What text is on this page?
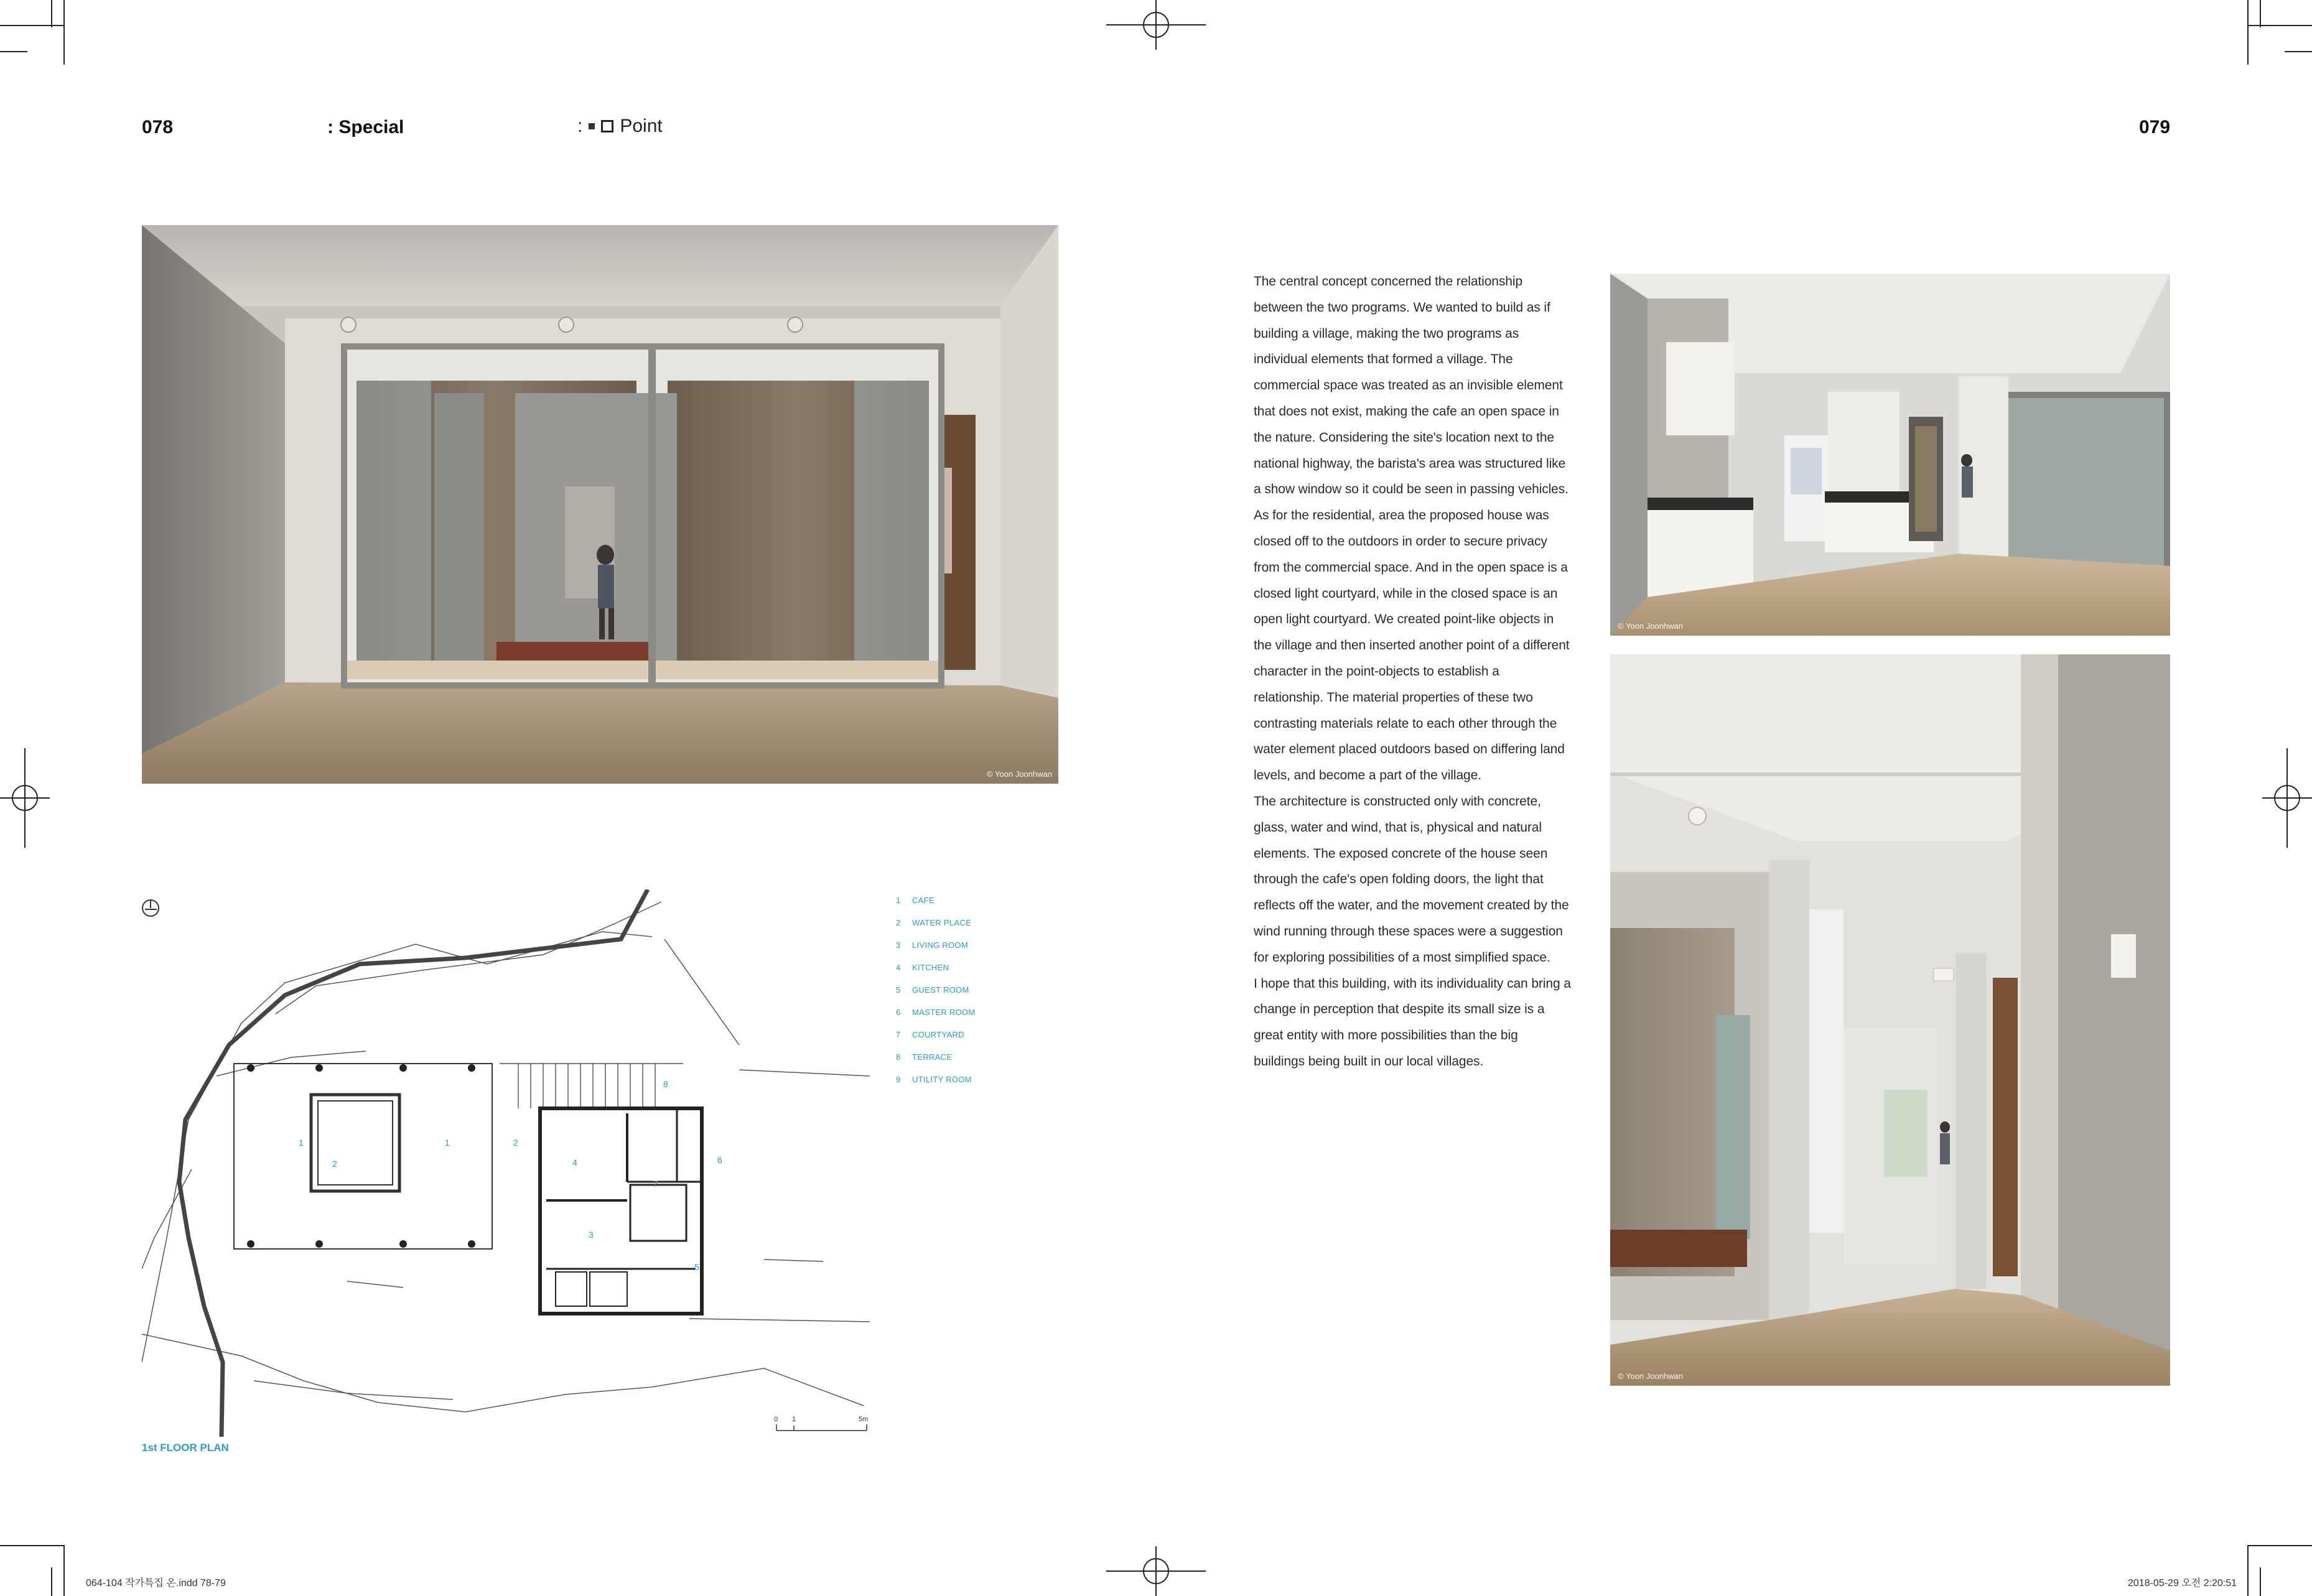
078	: Special	: Point	079
© Yoon Joonhwan
1
2
1	2
4
7
6
3
5
8
0 1	5m
1	CAFE
2	WATER PLACE
3	LIVING ROOM
4	KITCHEN
5	GUEST ROOM
6	MASTER ROOM
7	COURTYARD
8	TERRACE
9	UTILITY ROOM
1st FLOOR PLAN

The central concept concerned the relationship between the two programs. We wanted to build as if building a village, making the two programs as individual elements that formed a village. The commercial space was treated as an invisible element that does not exist, making the cafe an open space in the nature. Considering the site's location next to the national highway, the barista's area was structured like a show window so it could be seen in passing vehicles. As for the residential, area the proposed house was closed off to the outdoors in order to secure privacy from the commercial space. And in the open space is a closed light courtyard, while in the closed space is an open light courtyard. We created point-like objects in the village and then inserted another point of a different character in the point-objects to establish a relationship. The material properties of these two contrasting materials relate to each other through the water element placed outdoors based on differing land levels, and become a part of the village.

The architecture is constructed only with concrete, glass, water and wind, that is, physical and natural elements. The exposed concrete of the house seen through the cafe's open folding doors, the light that reflects off the water, and the movement created by the wind running through these spaces were a suggestion for exploring possibilities of a most simplified space.

I hope that this building, with its individuality can bring a change in perception that despite its small size is a great entity with more possibilities than the big buildings being built in our local villages.

© Yoon Joonhwan
© Yoon Joonhwan
064-104 작가특집 온.indd 78-79	2018-05-29 오전 2:20:51
